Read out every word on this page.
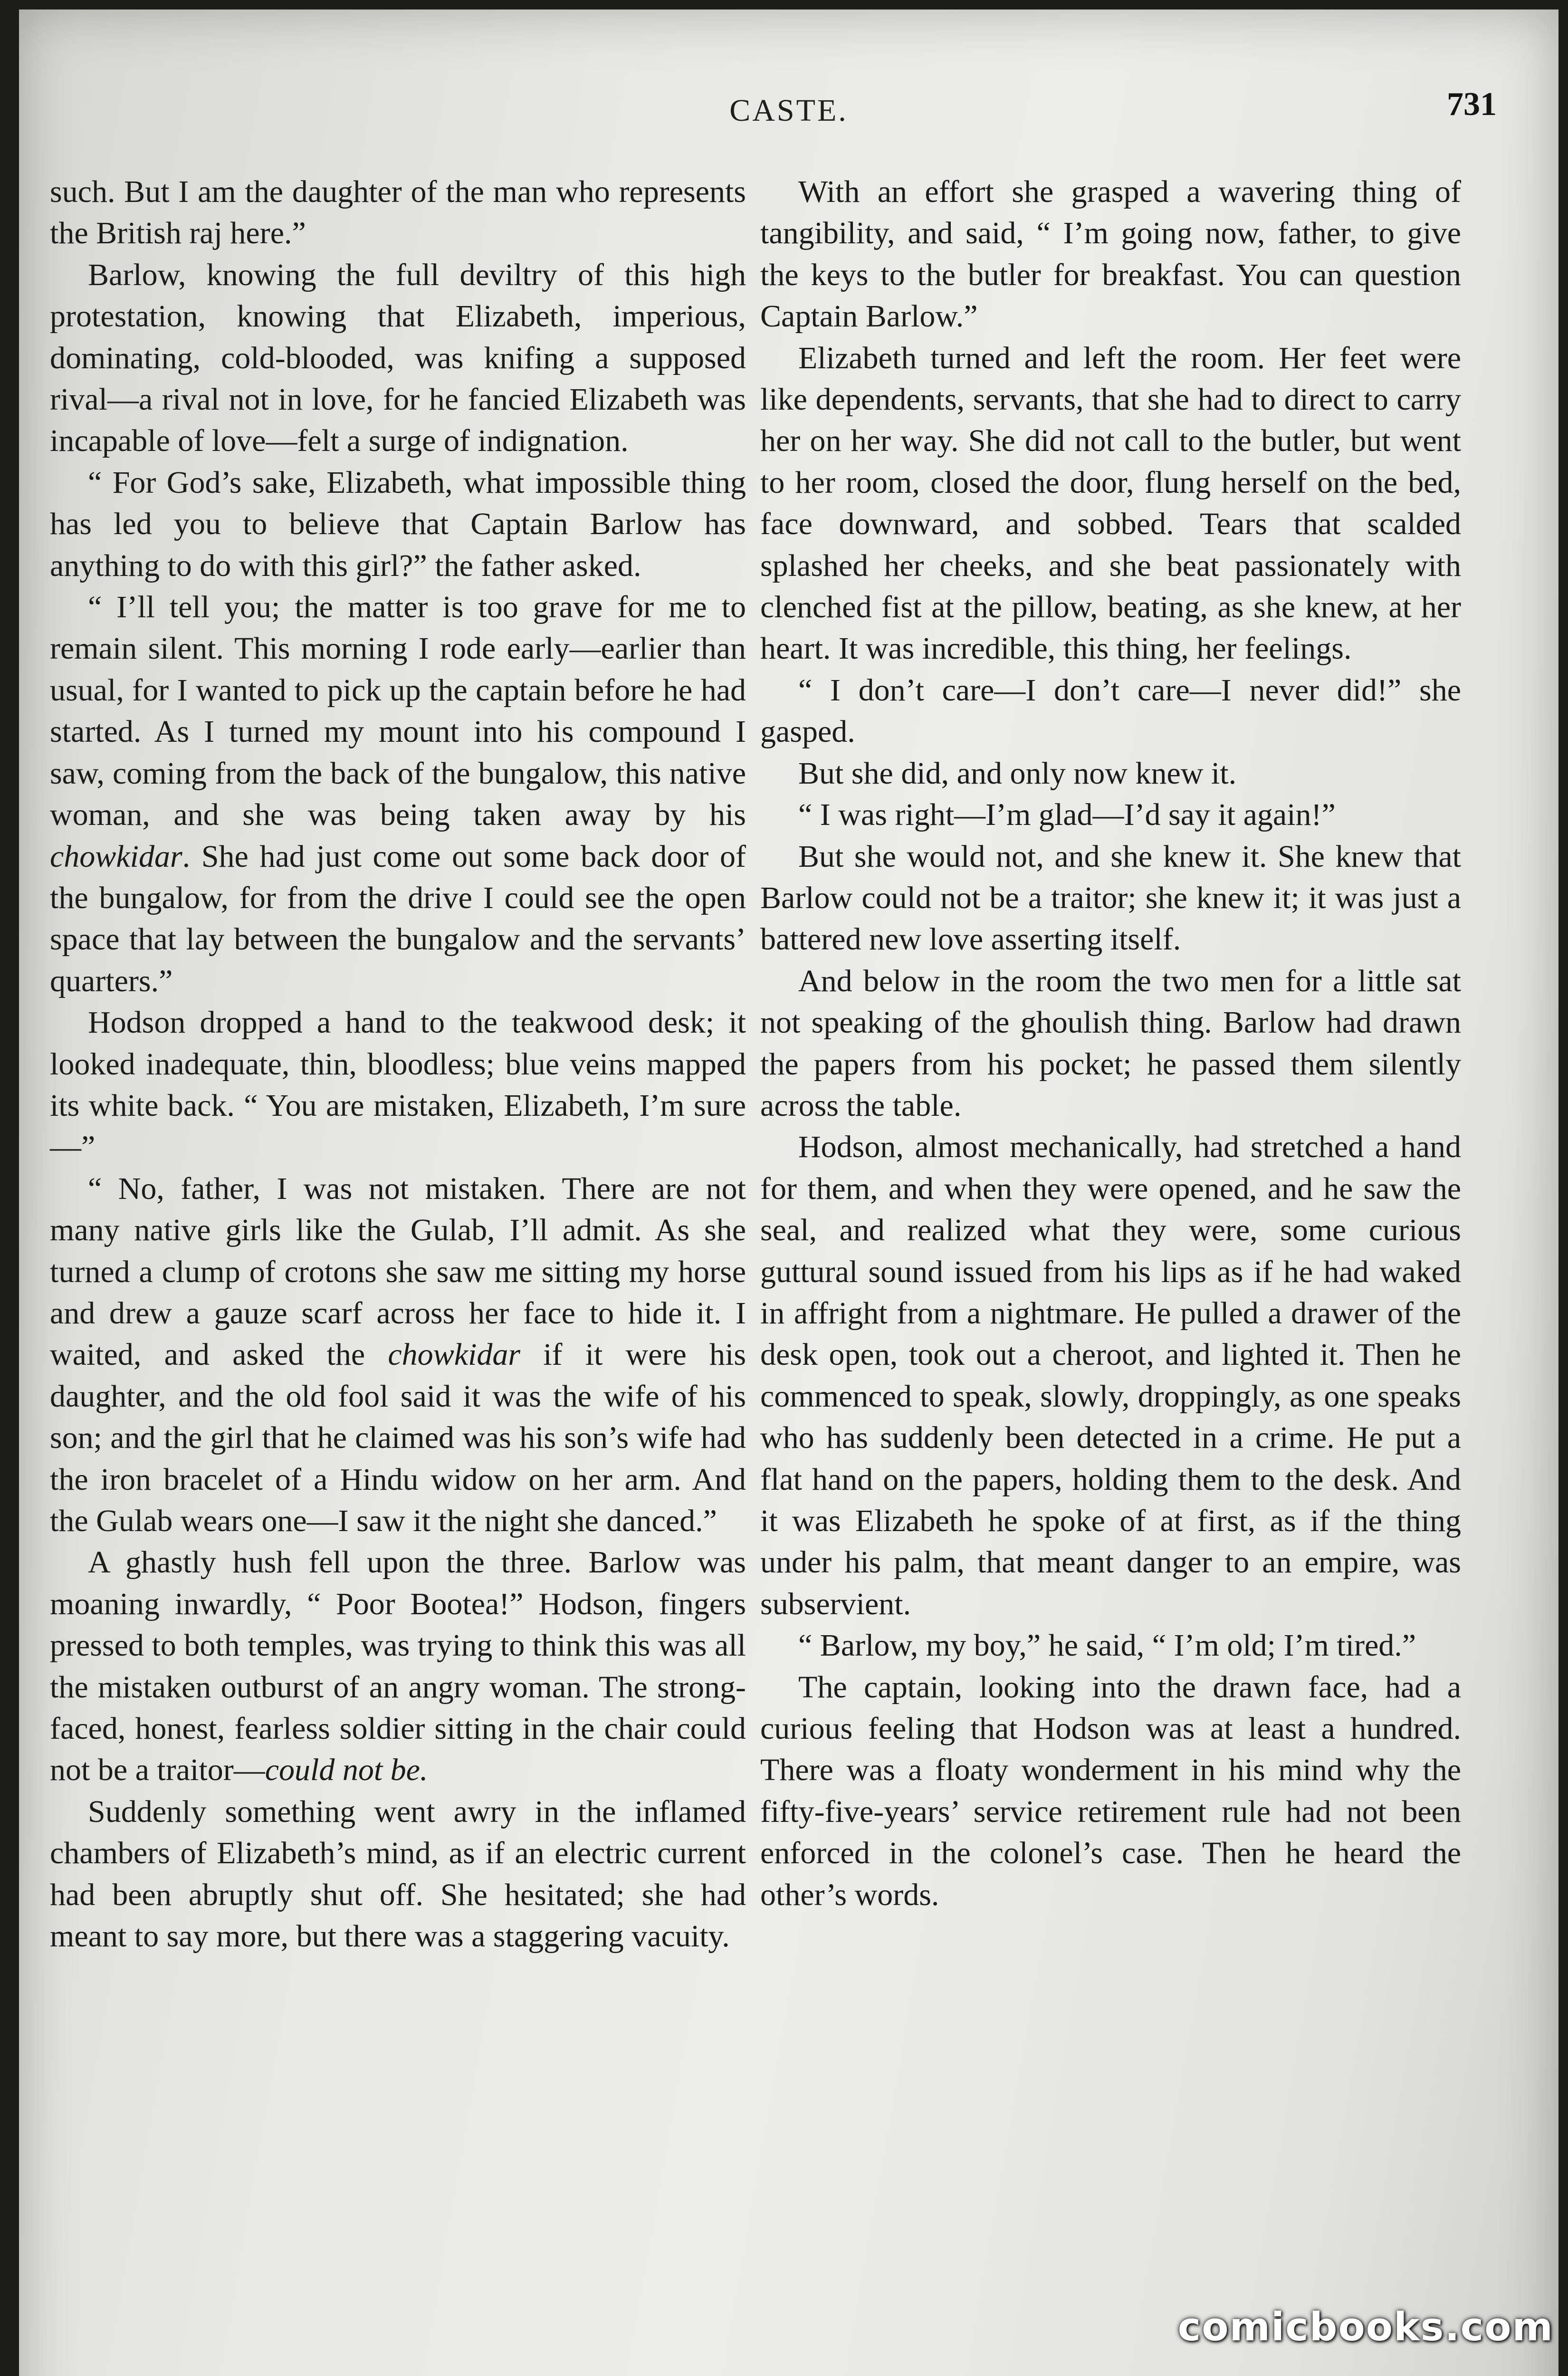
CASTE.	731

such. But I am the daughter of the man who represents the British raj here.”

Barlow, knowing the full deviltry of this high protestation, knowing that Elizabeth, imperious, dominating, cold-blooded, was knifing a supposed rival—a rival not in love, for he fancied Elizabeth was incapable of love—felt a surge of indignation.

“ For God’s sake, Elizabeth, what impossible thing has led you to believe that Captain Barlow has anything to do with this girl?” the father asked.

“ I’ll tell you; the matter is too grave for me to remain silent. This morning I rode early—earlier than usual, for I wanted to pick up the captain before he had started. As I turned my mount into his compound I saw, coming from the back of the bungalow, this native woman, and she was being taken away by his chowkidar. She had just come out some back door of the bungalow, for from the drive I could see the open space that lay between the bungalow and the servants’ quarters.”

Hodson dropped a hand to the teakwood desk; it looked inadequate, thin, bloodless; blue veins mapped its white back. “ You are mistaken, Elizabeth, I’m sure—”

“ No, father, I was not mistaken. There are not many native girls like the Gulab, I’ll admit. As she turned a clump of crotons she saw me sitting my horse and drew a gauze scarf across her face to hide it. I waited, and asked the chowkidar if it were his daughter, and the old fool said it was the wife of his son; and the girl that he claimed was his son’s wife had the iron bracelet of a Hindu widow on her arm. And the Gulab wears one—I saw it the night she danced.”

A ghastly hush fell upon the three. Barlow was moaning inwardly, “ Poor Bootea!” Hodson, fingers pressed to both temples, was trying to think this was all the mistaken outburst of an angry woman. The strong-faced, honest, fearless soldier sitting in the chair could not be a traitor—could not be.

Suddenly something went awry in the inflamed chambers of Elizabeth’s mind, as if an electric current had been abruptly shut off. She hesitated; she had meant to say more, but there was a staggering vacuity.

With an effort she grasped a wavering thing of tangibility, and said, “ I’m going now, father, to give the keys to the butler for breakfast. You can question Captain Barlow.”

Elizabeth turned and left the room. Her feet were like dependents, servants, that she had to direct to carry her on her way. She did not call to the butler, but went to her room, closed the door, flung herself on the bed, face downward, and sobbed. Tears that scalded splashed her cheeks, and she beat passionately with clenched fist at the pillow, beating, as she knew, at her heart. It was incredible, this thing, her feelings.

“ I don’t care—I don’t care—I never did!” she gasped.

But she did, and only now knew it.

“ I was right—I’m glad—I’d say it again!”

But she would not, and she knew it. She knew that Barlow could not be a traitor; she knew it; it was just a battered new love asserting itself.

And below in the room the two men for a little sat not speaking of the ghoulish thing. Barlow had drawn the papers from his pocket; he passed them silently across the table.

Hodson, almost mechanically, had stretched a hand for them, and when they were opened, and he saw the seal, and realized what they were, some curious guttural sound issued from his lips as if he had waked in affright from a nightmare. He pulled a drawer of the desk open, took out a cheroot, and lighted it. Then he commenced to speak, slowly, droppingly, as one speaks who has suddenly been detected in a crime. He put a flat hand on the papers, holding them to the desk. And it was Elizabeth he spoke of at first, as if the thing under his palm, that meant danger to an empire, was subservient.

“ Barlow, my boy,” he said, “ I’m old; I’m tired.”

The captain, looking into the drawn face, had a curious feeling that Hodson was at least a hundred. There was a floaty wonderment in his mind why the fifty-five-years’ service retirement rule had not been enforced in the colonel’s case. Then he heard the other’s words.

comicbooks.com
